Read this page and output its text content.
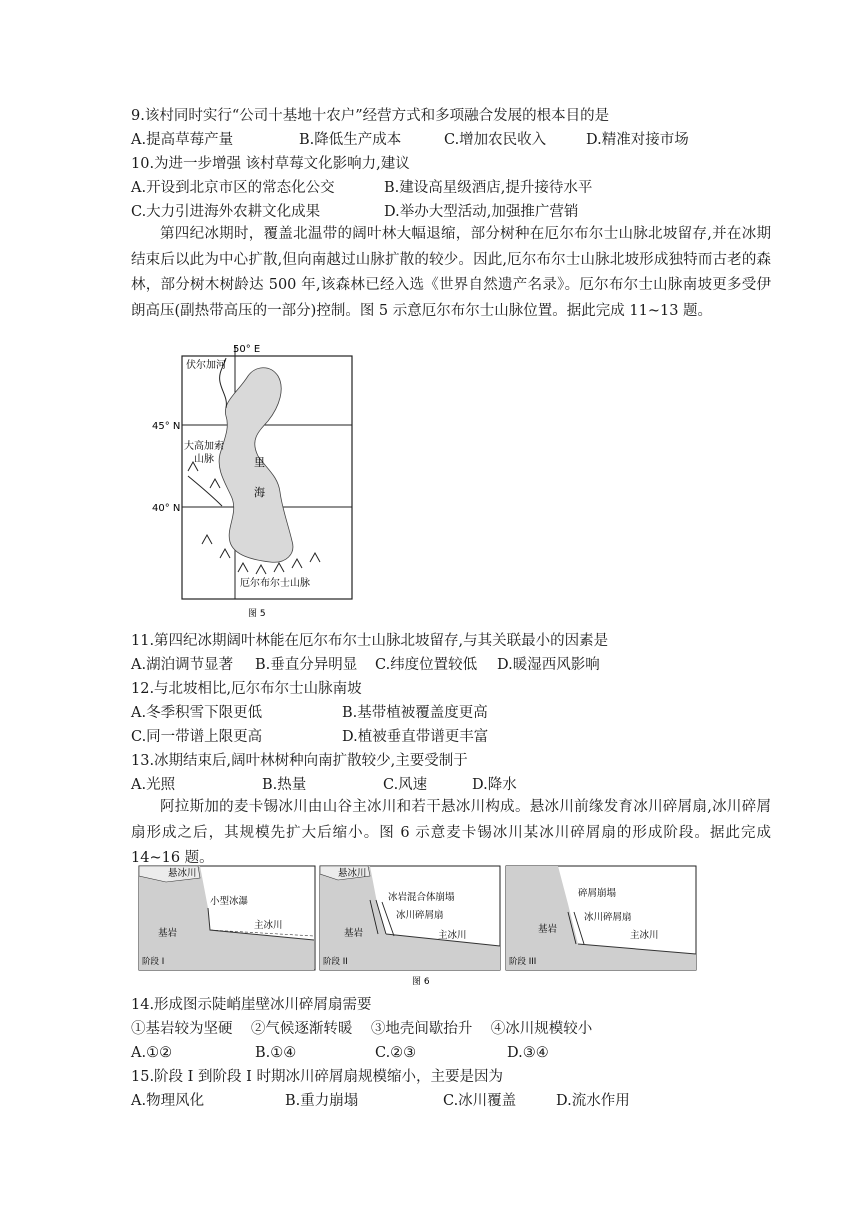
9.该村同时实行“公司十基地十农户”经营方式和多项融合发展的根本目的是
A.提高草莓产量	B.降低生产成本	C.增加农民收入	D.精准对接市场
10.为进一步增强 该村草莓文化影响力,建议
A.开设到北京市区的常态化公交	B.建设高星级酒店,提升接待水平
C.大力引进海外农耕文化成果	D.举办大型活动,加强推广营销
第四纪冰期时，覆盖北温带的阔叶林大幅退缩，部分树种在厄尔布尔士山脉北坡留存,并在冰期结束后以此为中心扩散,但向南越过山脉扩散的较少。因此,厄尔布尔士山脉北坡形成独特而古老的森林，部分树木树龄达 500 年,该森林已经入选《世界自然遗产名录》。厄尔布尔士山脉南坡更多受伊朗高压(副热带高压的一部分)控制。图 5 示意厄尔布尔士山脉位置。据此完成 11~13 题。
50° E
45° N
40° N
伏尔加河
大高加索
山脉	里
海
厄尔布尔士山脉
图 5
11.第四纪冰期阔叶林能在厄尔布尔士山脉北坡留存,与其关联最小的因素是
A.湖泊调节显著 B.垂直分异明显 C.纬度位置较低 D.暖湿西风影响
12.与北坡相比,厄尔布尔士山脉南坡
A.冬季积雪下限更低	B.基带植被覆盖度更高
C.同一带谱上限更高	D.植被垂直带谱更丰富
13.冰期结束后,阔叶林树种向南扩散较少,主要受制于
A.光照	B.热量	C.风速	D.降水
阿拉斯加的麦卡锡冰川由山谷主冰川和若干悬冰川构成。悬冰川前缘发育冰川碎屑扇,冰川碎屑扇形成之后，其规模先扩大后缩小。图 6 示意麦卡锡冰川某冰川碎屑扇的形成阶段。据此完成 14~16 题。
悬冰川
小型冰瀑
主冰川
基岩
阶段 I
悬冰川
冰岩混合体崩塌
冰川碎屑扇
主冰川
基岩
阶段 II
碎屑崩塌
冰川碎屑扇
主冰川
基岩
阶段 III
图 6
14.形成图示陡峭崖壁冰川碎屑扇需要
①基岩较为坚硬    ②气候逐渐转暖    ③地壳间歇抬升    ④冰川规模较小
A.①②	B.①④	C.②③	D.③④
15.阶段 I 到阶段 I 时期冰川碎屑扇规模缩小，主要是因为
A.物理风化	B.重力崩塌	C.冰川覆盖	D.流水作用
